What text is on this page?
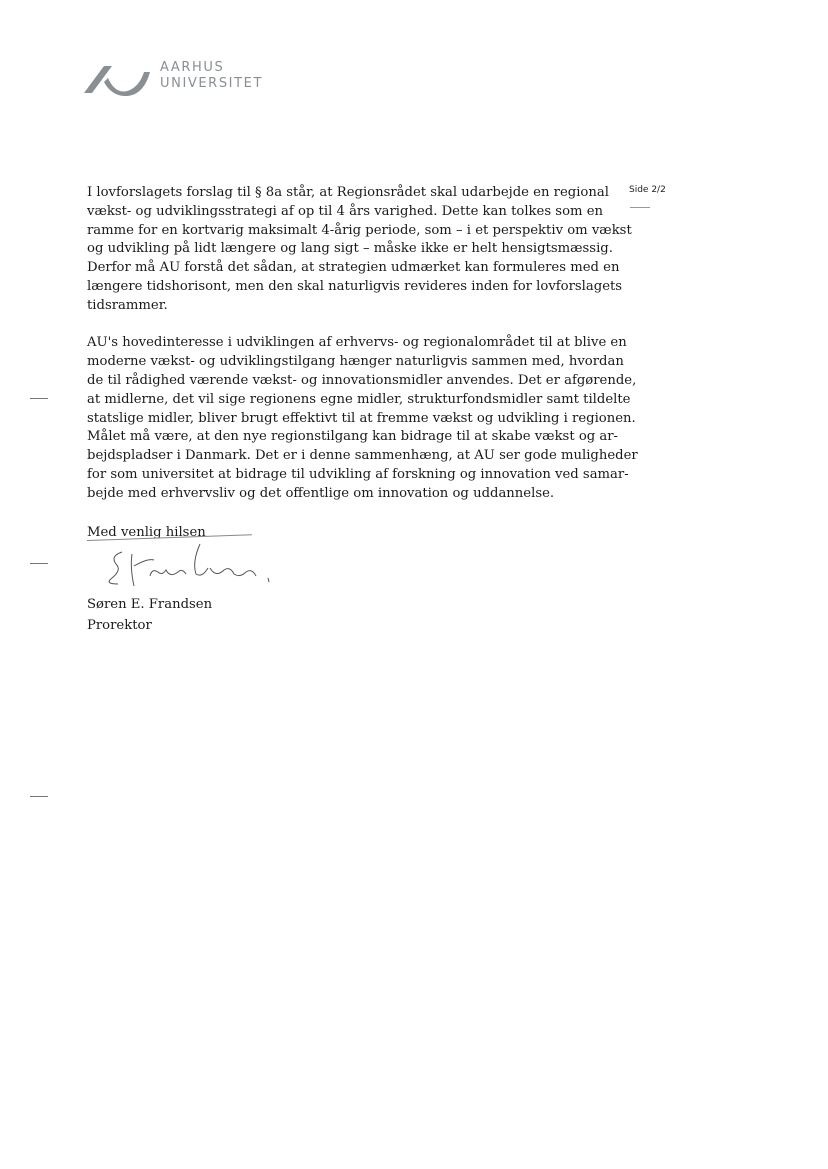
AARHUS
UNIVERSITET
Side 2/2

I lovforslagets forslag til § 8a står, at Regionsrådet skal udarbejde en regional
vækst- og udviklingsstrategi af op til 4 års varighed. Dette kan tolkes som en
ramme for en kortvarig maksimalt 4-årig periode, som – i et perspektiv om vækst
og udvikling på lidt længere og lang sigt – måske ikke er helt hensigtsmæssig.
Derfor må AU forstå det sådan, at strategien udmærket kan formuleres med en
længere tidshorisont, men den skal naturligvis revideres inden for lovforslagets
tidsrammer.

AU's hovedinteresse i udviklingen af erhvervs- og regionalområdet til at blive en
moderne vækst- og udviklingstilgang hænger naturligvis sammen med, hvordan
de til rådighed værende vækst- og innovationsmidler anvendes. Det er afgørende,
at midlerne, det vil sige regionens egne midler, strukturfondsmidler samt tildelte
statslige midler, bliver brugt effektivt til at fremme vækst og udvikling i regionen.
Målet må være, at den nye regionstilgang kan bidrage til at skabe vækst og ar-
bejdspladser i Danmark. Det er i denne sammenhæng, at AU ser gode muligheder
for som universitet at bidrage til udvikling af forskning og innovation ved samar-
bejde med erhvervsliv og det offentlige om innovation og uddannelse.

Med venlig hilsen
Søren E. Frandsen
Prorektor
